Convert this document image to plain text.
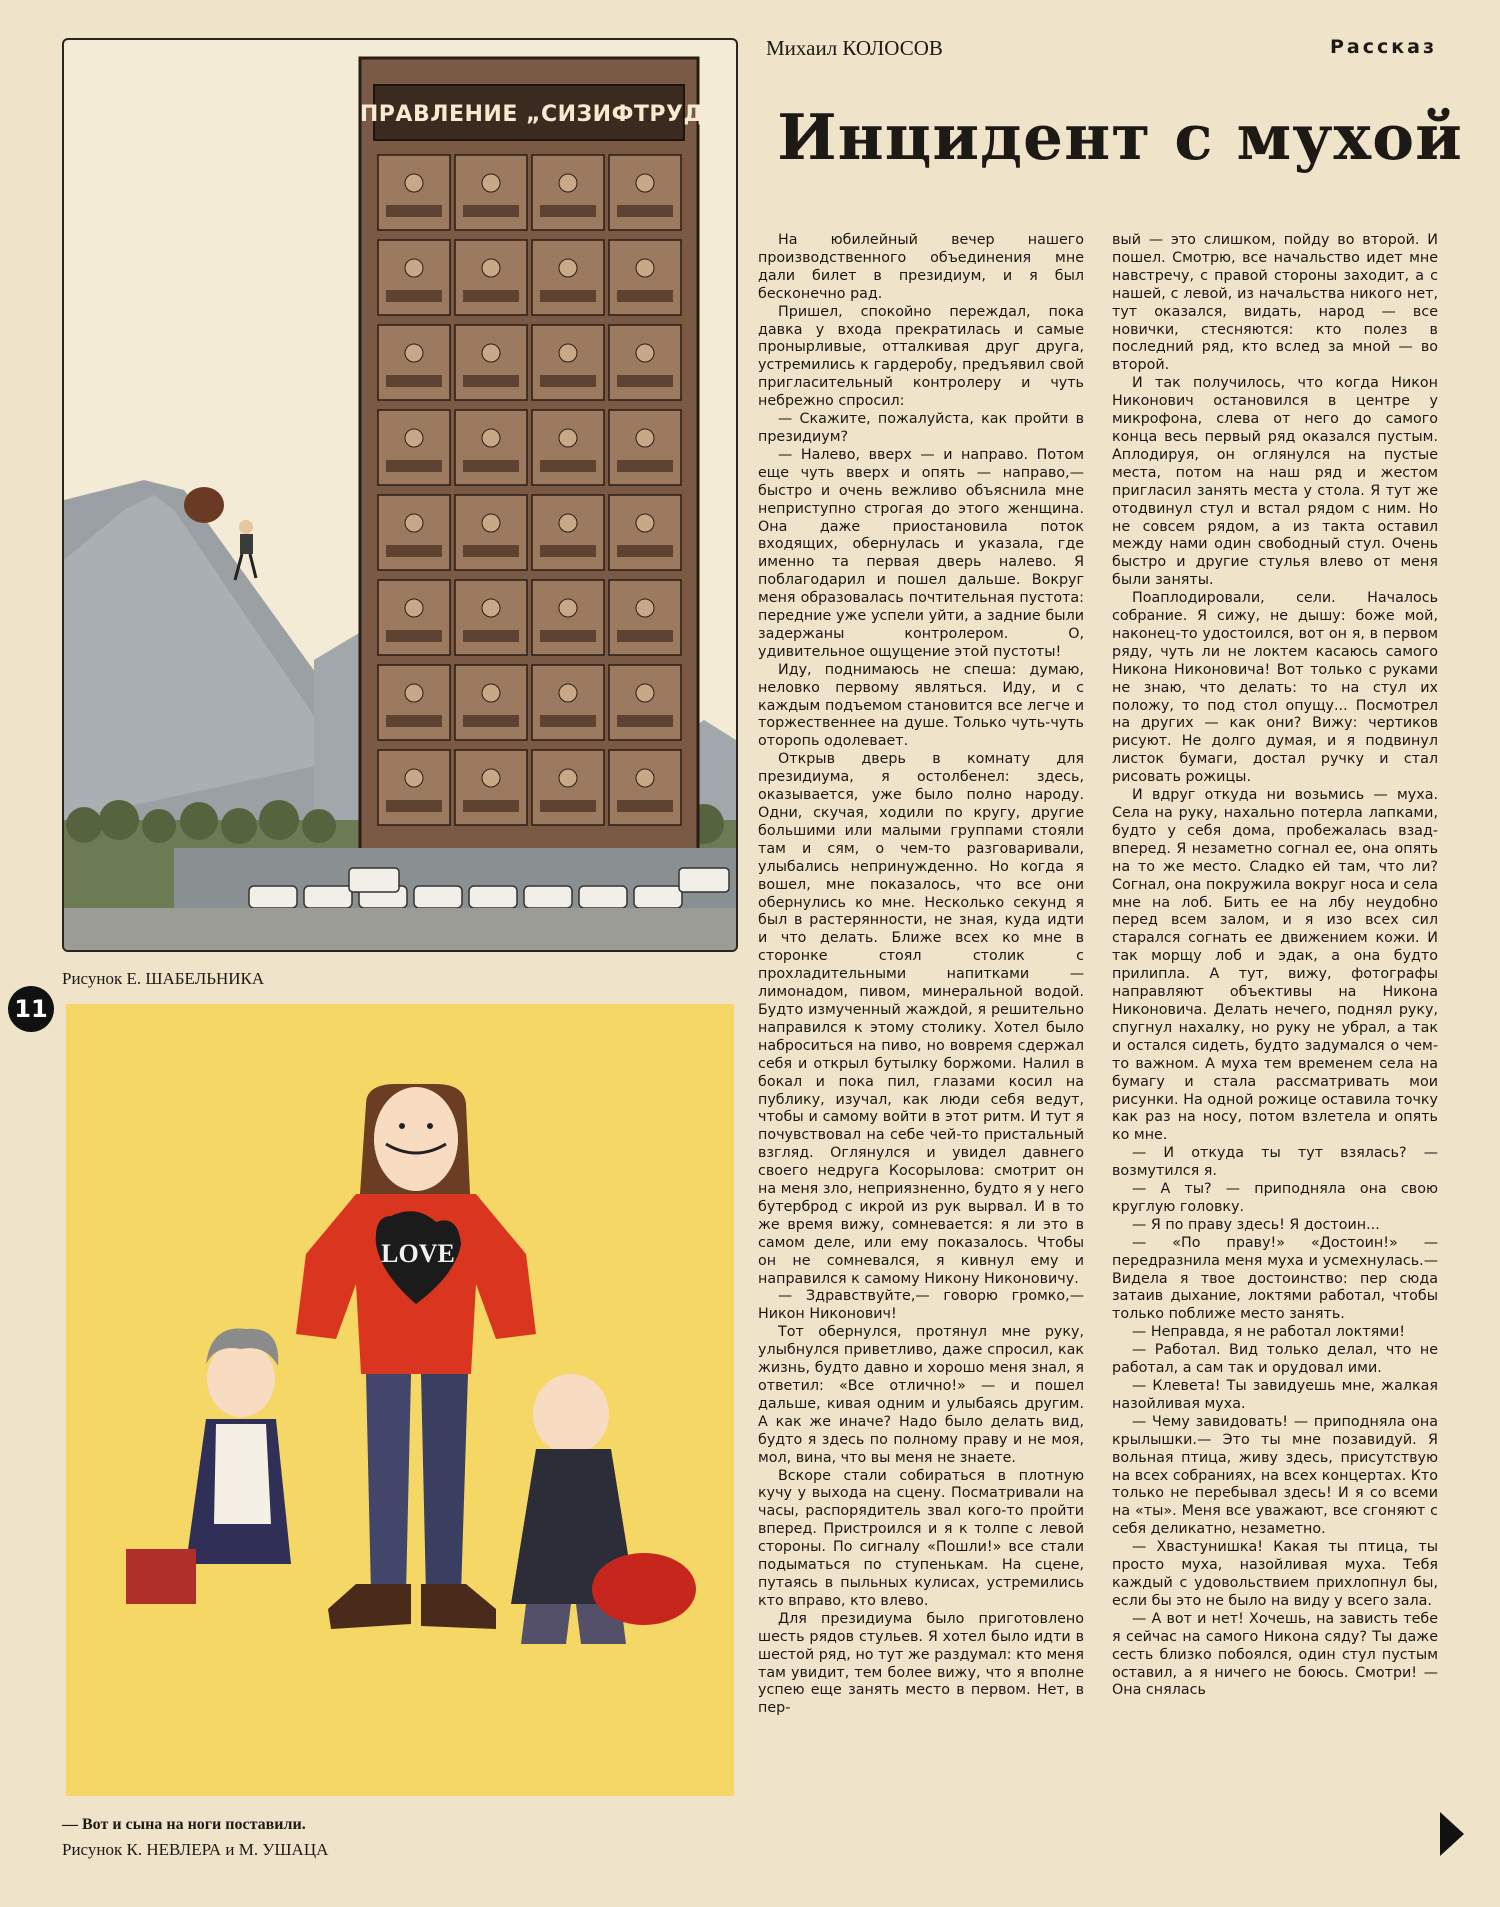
Михаил КОЛОСОВ	Рассказ
Инцидент с мухой
УПРАВЛЕНИЕ „СИЗИФТРУД"
Рисунок Е. ШАБЕЛЬНИКА
11
LOVE
— Вот и сына на ноги поставили.
Рисунок К. НЕВЛЕРА и М. УШАЦА

На юбилейный вечер нашего производственного объединения мне дали билет в президиум, и я был бесконечно рад.

Пришел, спокойно переждал, пока давка у входа прекратилась и самые пронырливые, отталкивая друг друга, устремились к гардеробу, предъявил свой пригласительный контролеру и чуть небрежно спросил:

— Скажите, пожалуйста, как пройти в президиум?

— Налево, вверх — и направо. Потом еще чуть вверх и опять — направо,— быстро и очень вежливо объяснила мне неприступно строгая до этого женщина. Она даже приостановила поток входящих, обернулась и указала, где именно та первая дверь налево. Я поблагодарил и пошел дальше. Вокруг меня образовалась почтительная пустота: передние уже успели уйти, а задние были задержаны контролером. О, удивительное ощущение этой пустоты!

Иду, поднимаюсь не спеша: думаю, неловко первому являться. Иду, и с каждым подъемом становится все легче и торжественнее на душе. Только чуть-чуть оторопь одолевает.

Открыв дверь в комнату для президиума, я остолбенел: здесь, оказывается, уже было полно народу. Одни, скучая, ходили по кругу, другие большими или малыми группами стояли там и сям, о чем-то разговаривали, улыбались непринужденно. Но когда я вошел, мне показалось, что все они обернулись ко мне. Несколько секунд я был в растерянности, не зная, куда идти и что делать. Ближе всех ко мне в сторонке стоял столик с прохладительными напитками — лимонадом, пивом, минеральной водой. Будто измученный жаждой, я решительно направился к этому столику. Хотел было наброситься на пиво, но вовремя сдержал себя и открыл бутылку боржоми. Налил в бокал и пока пил, глазами косил на публику, изучал, как люди себя ведут, чтобы и самому войти в этот ритм. И тут я почувствовал на себе чей-то пристальный взгляд. Оглянулся и увидел давнего своего недруга Косорылова: смотрит он на меня зло, неприязненно, будто я у него бутерброд с икрой из рук вырвал. И в то же время вижу, сомневается: я ли это в самом деле, или ему показалось. Чтобы он не сомневался, я кивнул ему и направился к самому Никону Никоновичу.

— Здравствуйте,— говорю громко,— Никон Никонович!

Тот обернулся, протянул мне руку, улыбнулся приветливо, даже спросил, как жизнь, будто давно и хорошо меня знал, я ответил: «Все отлично!» — и пошел дальше, кивая одним и улыбаясь другим. А как же иначе? Надо было делать вид, будто я здесь по полному праву и не моя, мол, вина, что вы меня не знаете.

Вскоре стали собираться в плотную кучу у выхода на сцену. Посматривали на часы, распорядитель звал кого-то пройти вперед. Пристроился и я к толпе с левой стороны. По сигналу «Пошли!» все стали подыматься по ступенькам. На сцене, путаясь в пыльных кулисах, устремились кто вправо, кто влево.

Для президиума было приготовлено шесть рядов стульев. Я хотел было идти в шестой ряд, но тут же раздумал: кто меня там увидит, тем более вижу, что я вполне успею еще занять место в первом. Нет, в пер-

вый — это слишком, пойду во второй. И пошел. Смотрю, все начальство идет мне навстречу, с правой стороны заходит, а с нашей, с левой, из начальства никого нет, тут оказался, видать, народ — все новички, стесняются: кто полез в последний ряд, кто вслед за мной — во второй.

И так получилось, что когда Никон Никонович остановился в центре у микрофона, слева от него до самого конца весь первый ряд оказался пустым. Аплодируя, он оглянулся на пустые места, потом на наш ряд и жестом пригласил занять места у стола. Я тут же отодвинул стул и встал рядом с ним. Но не совсем рядом, а из такта оставил между нами один свободный стул. Очень быстро и другие стулья влево от меня были заняты.

Поаплодировали, сели. Началось собрание. Я сижу, не дышу: боже мой, наконец-то удостоился, вот он я, в первом ряду, чуть ли не локтем касаюсь самого Никона Никоновича! Вот только с руками не знаю, что делать: то на стул их положу, то под стол опущу... Посмотрел на других — как они? Вижу: чертиков рисуют. Не долго думая, и я подвинул листок бумаги, достал ручку и стал рисовать рожицы.

И вдруг откуда ни возьмись — муха. Села на руку, нахально потерла лапками, будто у себя дома, пробежалась взад-вперед. Я незаметно согнал ее, она опять на то же место. Сладко ей там, что ли? Согнал, она покружила вокруг носа и села мне на лоб. Бить ее на лбу неудобно перед всем залом, и я изо всех сил старался согнать ее движением кожи. И так морщу лоб и эдак, а она будто прилипла. А тут, вижу, фотографы направляют объективы на Никона Никоновича. Делать нечего, поднял руку, спугнул нахалку, но руку не убрал, а так и остался сидеть, будто задумался о чем-то важном. А муха тем временем села на бумагу и стала рассматривать мои рисунки. На одной рожице оставила точку как раз на носу, потом взлетела и опять ко мне.

— И откуда ты тут взялась? — возмутился я.

— А ты? — приподняла она свою круглую головку.

— Я по праву здесь! Я достоин...

— «По праву!» «Достоин!» — передразнила меня муха и усмехнулась.— Видела я твое достоинство: пер сюда затаив дыхание, локтями работал, чтобы только поближе место занять.

— Неправда, я не работал локтями!

— Работал. Вид только делал, что не работал, а сам так и орудовал ими.

— Клевета! Ты завидуешь мне, жалкая назойливая муха.

— Чему завидовать! — приподняла она крылышки.— Это ты мне позавидуй. Я вольная птица, живу здесь, присутствую на всех собраниях, на всех концертах. Кто только не перебывал здесь! И я со всеми на «ты». Меня все уважают, все сгоняют с себя деликатно, незаметно.

— Хвастунишка! Какая ты птица, ты просто муха, назойливая муха. Тебя каждый с удовольствием прихлопнул бы, если бы это не было на виду у всего зала.

— А вот и нет! Хочешь, на зависть тебе я сейчас на самого Никона сяду? Ты даже сесть близко побоялся, один стул пустым оставил, а я ничего не боюсь. Смотри! — Она снялась
